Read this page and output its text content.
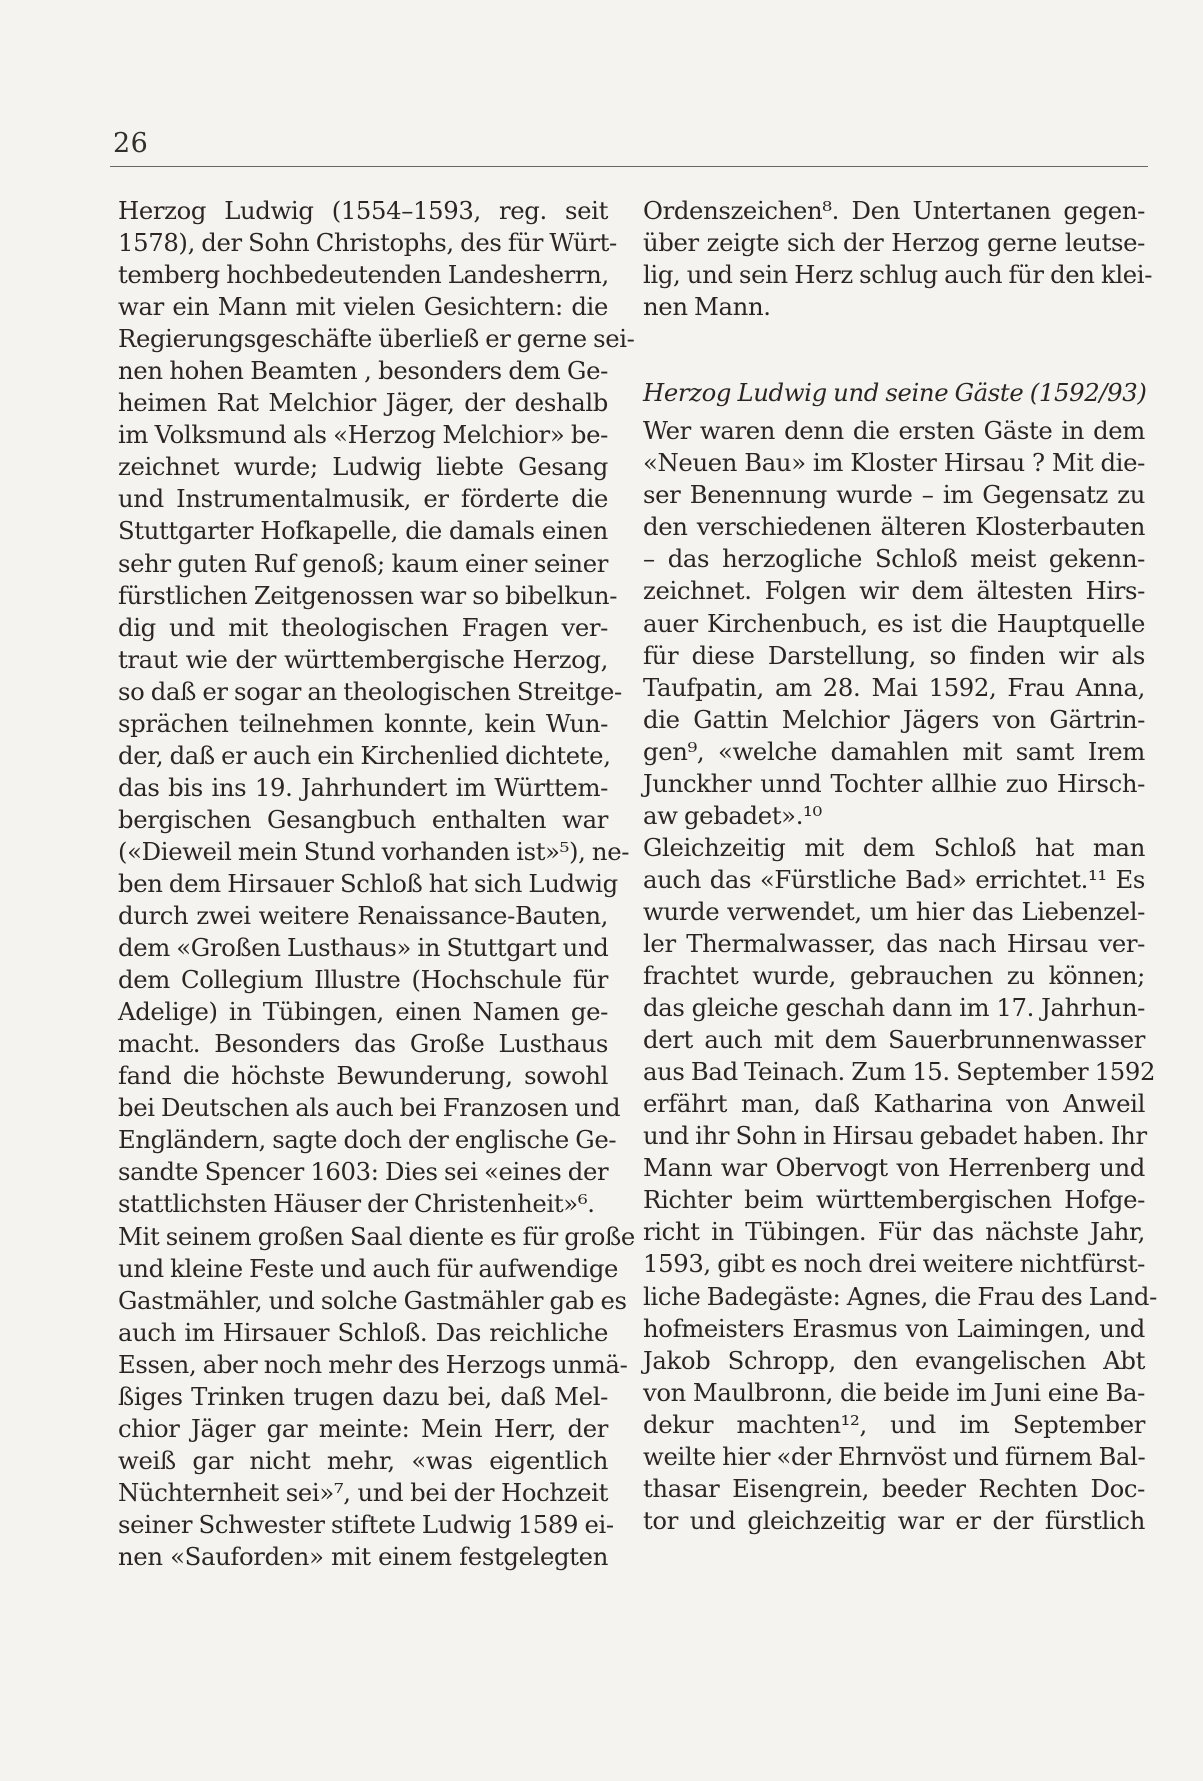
26
Herzog Ludwig (1554–1593, reg. seit
1578), der Sohn Christophs, des für Würt-
temberg hochbedeutenden Landesherrn,
war ein Mann mit vielen Gesichtern: die
Regierungsgeschäfte überließ er gerne sei-
nen hohen Beamten , besonders dem Ge-
heimen Rat Melchior Jäger, der deshalb
im Volksmund als «Herzog Melchior» be-
zeichnet wurde; Ludwig liebte Gesang
und Instrumentalmusik, er förderte die
Stuttgarter Hofkapelle, die damals einen
sehr guten Ruf genoß; kaum einer seiner
fürstlichen Zeitgenossen war so bibelkun-
dig und mit theologischen Fragen ver-
traut wie der württembergische Herzog,
so daß er sogar an theologischen Streitge-
sprächen teilnehmen konnte, kein Wun-
der, daß er auch ein Kirchenlied dichtete,
das bis ins 19. Jahrhundert im Württem-
bergischen Gesangbuch enthalten war
(«Dieweil mein Stund vorhanden ist»⁵), ne-
ben dem Hirsauer Schloß hat sich Ludwig
durch zwei weitere Renaissance-Bauten,
dem «Großen Lusthaus» in Stuttgart und
dem Collegium Illustre (Hochschule für
Adelige) in Tübingen, einen Namen ge-
macht. Besonders das Große Lusthaus
fand die höchste Bewunderung, sowohl
bei Deutschen als auch bei Franzosen und
Engländern, sagte doch der englische Ge-
sandte Spencer 1603: Dies sei «eines der
stattlichsten Häuser der Christenheit»⁶.
Mit seinem großen Saal diente es für große
und kleine Feste und auch für aufwendige
Gastmähler, und solche Gastmähler gab es
auch im Hirsauer Schloß. Das reichliche
Essen, aber noch mehr des Herzogs unmä-
ßiges Trinken trugen dazu bei, daß Mel-
chior Jäger gar meinte: Mein Herr, der
weiß gar nicht mehr, «was eigentlich
Nüchternheit sei»⁷, und bei der Hochzeit
seiner Schwester stiftete Ludwig 1589 ei-
nen «Sauforden» mit einem festgelegten
Ordenszeichen⁸. Den Untertanen gegen-
über zeigte sich der Herzog gerne leutse-
lig, und sein Herz schlug auch für den klei-
nen Mann.
Herzog Ludwig und seine Gäste (1592/93)
Wer waren denn die ersten Gäste in dem
«Neuen Bau» im Kloster Hirsau ? Mit die-
ser Benennung wurde – im Gegensatz zu
den verschiedenen älteren Klosterbauten
– das herzogliche Schloß meist gekenn-
zeichnet. Folgen wir dem ältesten Hirs-
auer Kirchenbuch, es ist die Hauptquelle
für diese Darstellung, so finden wir als
Taufpatin, am 28. Mai 1592, Frau Anna,
die Gattin Melchior Jägers von Gärtrin-
gen⁹, «welche damahlen mit samt Irem
Junckher unnd Tochter allhie zuo Hirsch-
aw gebadet».¹⁰
Gleichzeitig mit dem Schloß hat man
auch das «Fürstliche Bad» errichtet.¹¹ Es
wurde verwendet, um hier das Liebenzel-
ler Thermalwasser, das nach Hirsau ver-
frachtet wurde, gebrauchen zu können;
das gleiche geschah dann im 17. Jahrhun-
dert auch mit dem Sauerbrunnenwasser
aus Bad Teinach. Zum 15. September 1592
erfährt man, daß Katharina von Anweil
und ihr Sohn in Hirsau gebadet haben. Ihr
Mann war Obervogt von Herrenberg und
Richter beim württembergischen Hofge-
richt in Tübingen. Für das nächste Jahr,
1593, gibt es noch drei weitere nichtfürst-
liche Badegäste: Agnes, die Frau des Land-
hofmeisters Erasmus von Laimingen, und
Jakob Schropp, den evangelischen Abt
von Maulbronn, die beide im Juni eine Ba-
dekur machten¹², und im September
weilte hier «der Ehrnvöst und fürnem Bal-
thasar Eisengrein, beeder Rechten Doc-
tor und gleichzeitig war er der fürstlich
